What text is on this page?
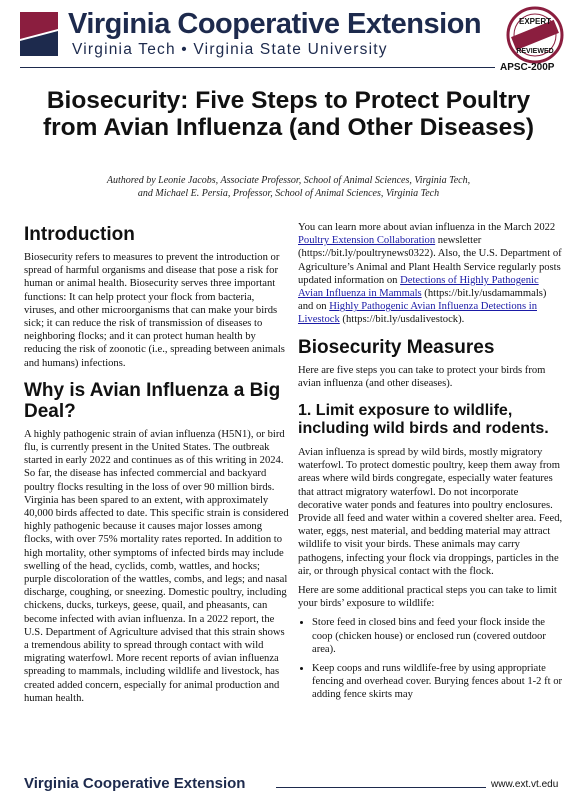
Virginia Cooperative Extension
Virginia Tech • Virginia State University
EXPERT
REVIEWED
APSC-200P
Biosecurity: Five Steps to Protect Poultry from Avian Influenza (and Other Diseases)
Authored by Leonie Jacobs, Associate Professor, School of Animal Sciences, Virginia Tech,
and Michael E. Persia, Professor, School of Animal Sciences, Virginia Tech
Introduction

Biosecurity refers to measures to prevent the introduction or spread of harmful organisms and disease that pose a risk for human or animal health. Biosecurity serves three important functions: It can help protect your flock from bacteria, viruses, and other microorganisms that can make your birds sick; it can reduce the risk of transmission of diseases to neighboring flocks; and it can protect human health by reducing the risk of zoonotic (i.e., spreading between animals and humans) infections.

Why is Avian Influenza a Big Deal?

A highly pathogenic strain of avian influenza (H5N1), or bird flu, is currently present in the United States. The outbreak started in early 2022 and continues as of this writing in 2024. So far, the disease has infected commercial and backyard poultry flocks resulting in the loss of over 90 million birds. Virginia has been spared to an extent, with approximately 40,000 birds affected to date. This specific strain is considered highly pathogenic because it causes major losses among flocks, with over 75% mortality rates reported. In addition to high mortality, other symptoms of infected birds may include swelling of the head, cyclids, comb, wattles, and hocks; purple discoloration of the wattles, combs, and legs; and nasal discharge, coughing, or sneezing. Domestic poultry, including chickens, ducks, turkeys, geese, quail, and pheasants, can become infected with avian influenza. In a 2022 report, the U.S. Department of Agriculture advised that this strain shows a tremendous ability to spread through contact with wild migrating waterfowl. More recent reports of avian influenza spreading to mammals, including wildlife and livestock, has created added concern, especially for animal production and human health.

You can learn more about avian influenza in the March 2022 Poultry Extension Collaboration newsletter (https://bit.ly/poultrynews0322). Also, the U.S. Department of Agriculture’s Animal and Plant Health Service regularly posts updated information on Detections of Highly Pathogenic Avian Influenza in Mammals (https://bit.ly/usdamammals) and on Highly Pathogenic Avian Influenza Detections in Livestock (https://bit.ly/usdalivestock).

Biosecurity Measures

Here are five steps you can take to protect your birds from avian influenza (and other diseases).

1. Limit exposure to wildlife, including wild birds and rodents.

Avian influenza is spread by wild birds, mostly migratory waterfowl. To protect domestic poultry, keep them away from areas where wild birds congregate, especially water features that attract migratory waterfowl. Do not incorporate decorative water ponds and features into poultry enclosures. Provide all feed and water within a covered shelter area. Feed, water, eggs, nest material, and bedding material may attract wildlife to visit your birds. These animals may carry pathogens, infecting your flock via droppings, particles in the air, or through physical contact with the flock.

Here are some additional practical steps you can take to limit your birds’ exposure to wildlife:

• Store feed in closed bins and feed your flock inside the coop (chicken house) or enclosed run (covered outdoor area).
• Keep coops and runs wildlife-free by using appropriate fencing and overhead cover. Burying fences about 1-2 ft or adding fence skirts may
Virginia Cooperative Extension	www.ext.vt.edu
